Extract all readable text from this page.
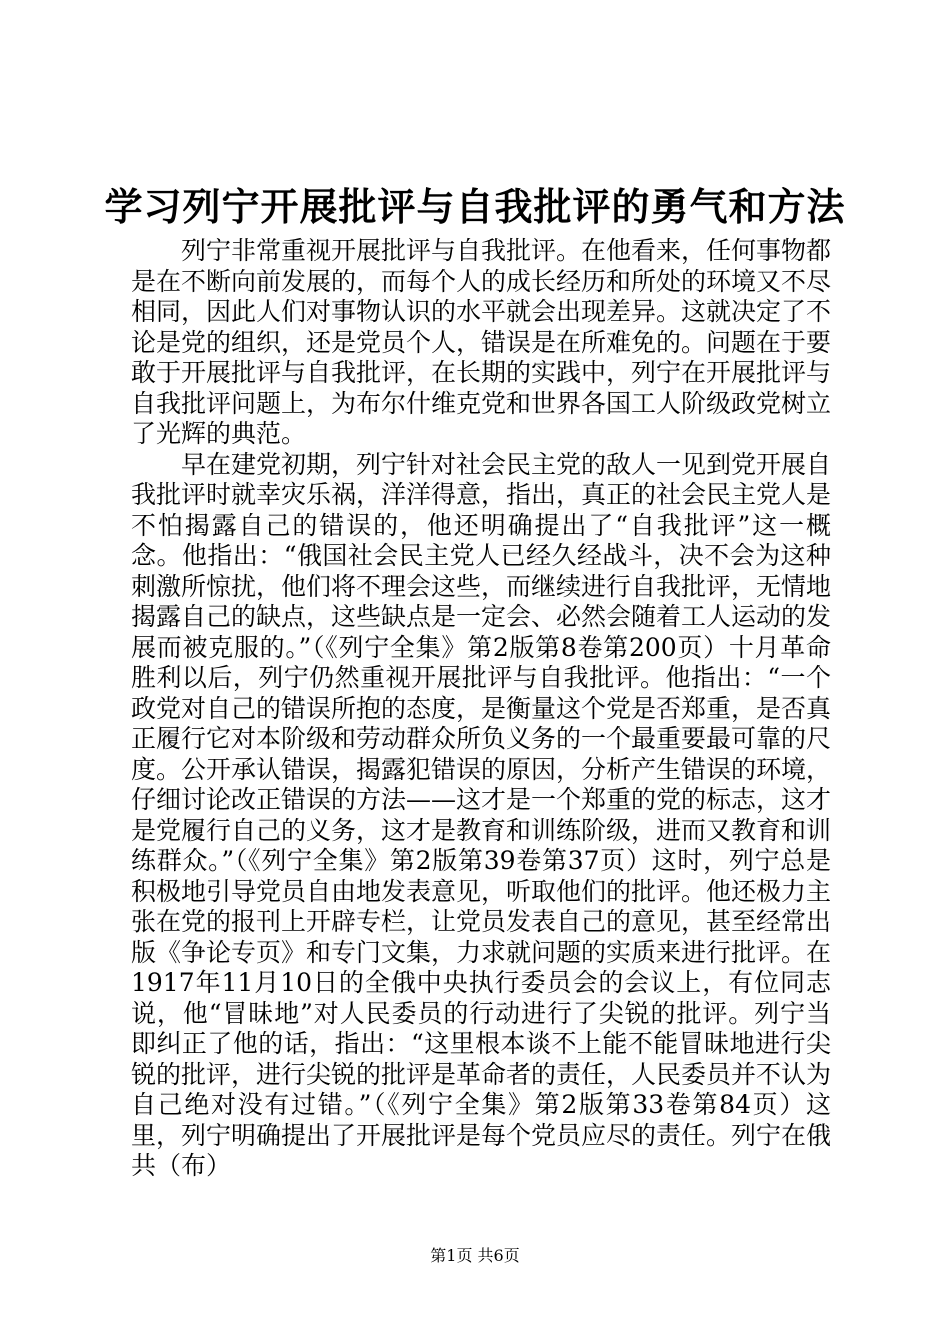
学习列宁开展批评与自我批评的勇气和方法

列宁非常重视开展批评与自我批评。在他看来，任何事物都是在不断向前发展的，而每个人的成长经历和所处的环境又不尽相同，因此人们对事物认识的水平就会出现差异。这就决定了不论是党的组织，还是党员个人，错误是在所难免的。问题在于要敢于开展批评与自我批评，在长期的实践中，列宁在开展批评与自我批评问题上，为布尔什维克党和世界各国工人阶级政党树立了光辉的典范。

早在建党初期，列宁针对社会民主党的敌人一见到党开展自我批评时就幸灾乐祸，洋洋得意，指出，真正的社会民主党人是不怕揭露自己的错误的，他还明确提出了“自我批评”这一概念。他指出：“俄国社会民主党人已经久经战斗，决不会为这种刺激所惊扰，他们将不理会这些，而继续进行自我批评，无情地揭露自己的缺点，这些缺点是一定会、必然会随着工人运动的发展而被克服的。”（《列宁全集》第2版第8卷第200页）十月革命胜利以后，列宁仍然重视开展批评与自我批评。他指出：“一个政党对自己的错误所抱的态度，是衡量这个党是否郑重，是否真正履行它对本阶级和劳动群众所负义务的一个最重要最可靠的尺度。公开承认错误，揭露犯错误的原因，分析产生错误的环境，仔细讨论改正错误的方法——这才是一个郑重的党的标志，这才是党履行自己的义务，这才是教育和训练阶级，进而又教育和训练群众。”（《列宁全集》第2版第39卷第37页）这时，列宁总是积极地引导党员自由地发表意见，听取他们的批评。他还极力主张在党的报刊上开辟专栏，让党员发表自己的意见，甚至经常出版《争论专页》和专门文集，力求就问题的实质来进行批评。在1917年11月10日的全俄中央执行委员会的会议上，有位同志说，他“冒昧地”对人民委员的行动进行了尖锐的批评。列宁当即纠正了他的话，指出：“这里根本谈不上能不能冒昧地进行尖锐的批评，进行尖锐的批评是革命者的责任，人民委员并不认为自己绝对没有过错。”（《列宁全集》第2版第33卷第84页）这里，列宁明确提出了开展批评是每个党员应尽的责任。列宁在俄共（布）

第1页 共6页
